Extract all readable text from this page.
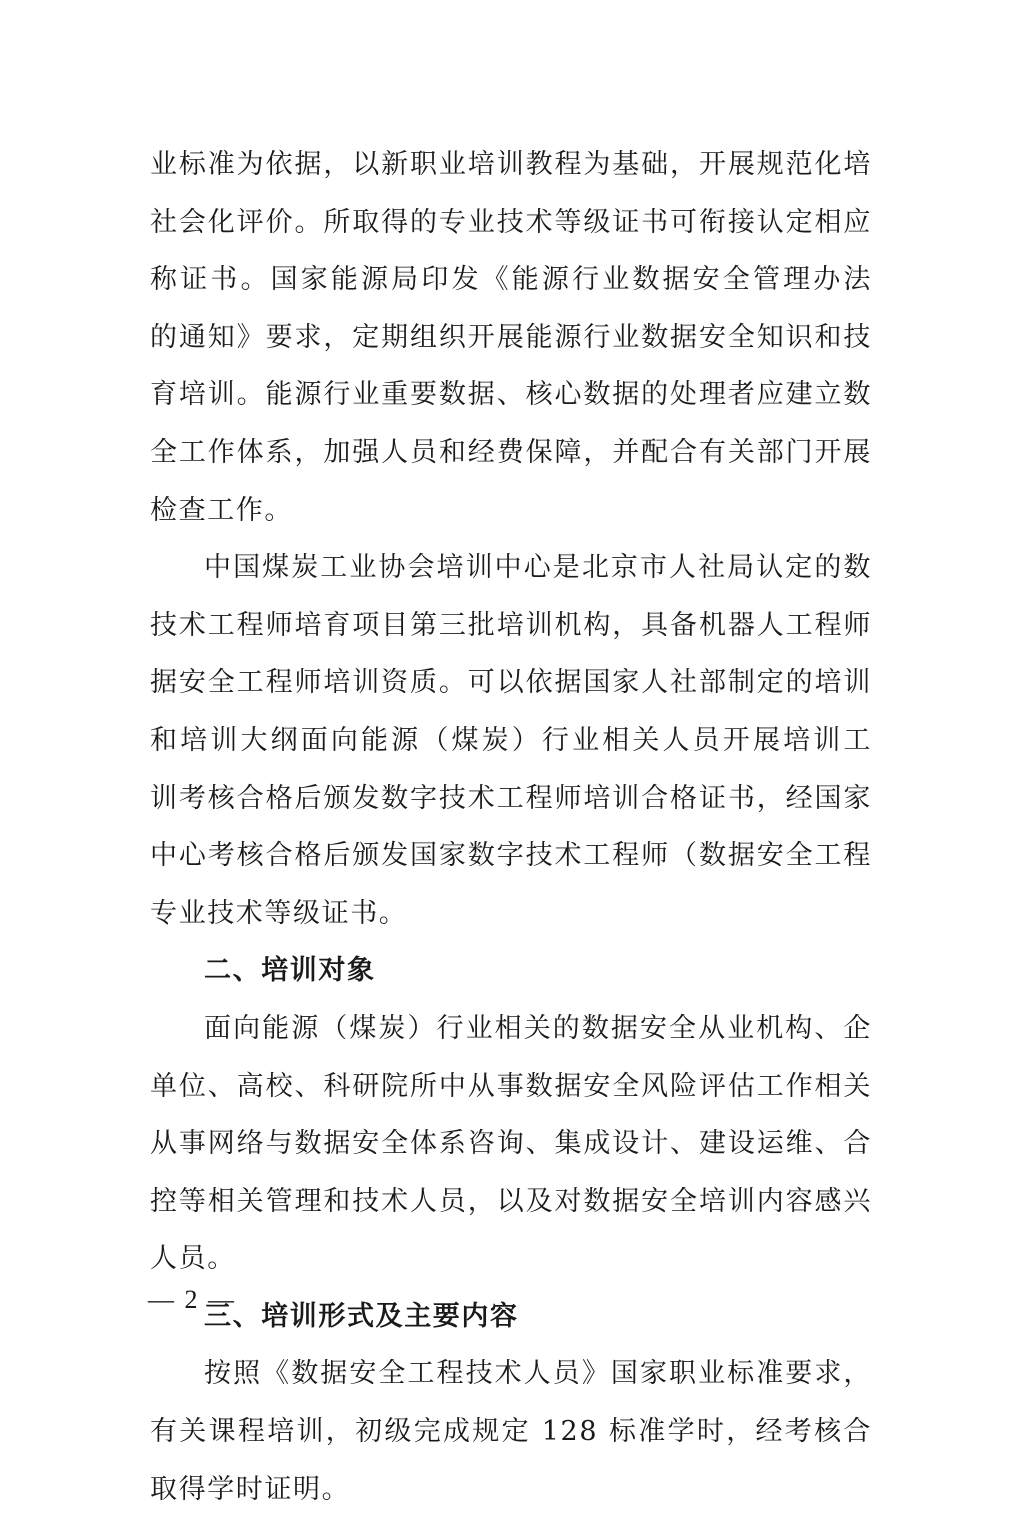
业标准为依据，以新职业培训教程为基础，开展规范化培
社会化评价。所取得的专业技术等级证书可衔接认定相应
称证书。国家能源局印发《能源行业数据安全管理办法
的通知》要求，定期组织开展能源行业数据安全知识和技
育培训。能源行业重要数据、核心数据的处理者应建立数
全工作体系，加强人员和经费保障，并配合有关部门开展
检查工作。
中国煤炭工业协会培训中心是北京市人社局认定的数
技术工程师培育项目第三批培训机构，具备机器人工程师
据安全工程师培训资质。可以依据国家人社部制定的培训
和培训大纲面向能源（煤炭）行业相关人员开展培训工
训考核合格后颁发数字技术工程师培训合格证书，经国家
中心考核合格后颁发国家数字技术工程师（数据安全工程
专业技术等级证书。
二、培训对象
面向能源（煤炭）行业相关的数据安全从业机构、企
单位、高校、科研院所中从事数据安全风险评估工作相关
从事网络与数据安全体系咨询、集成设计、建设运维、合
控等相关管理和技术人员，以及对数据安全培训内容感兴
人员。
三、培训形式及主要内容
按照《数据安全工程技术人员》国家职业标准要求，
有关课程培训，初级完成规定 128 标准学时，经考核合
取得学时证明。
— 2 —
